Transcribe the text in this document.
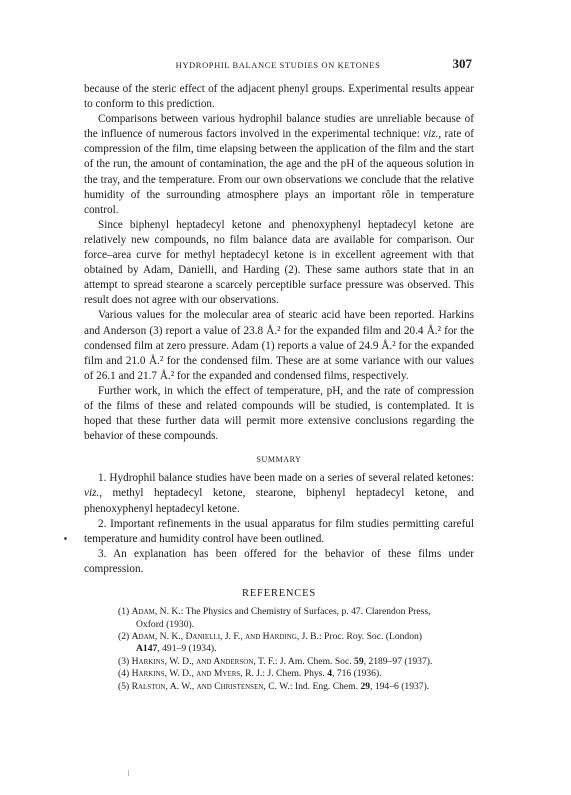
HYDROPHIL BALANCE STUDIES ON KETONES	307

because of the steric effect of the adjacent phenyl groups. Experimental results appear to conform to this prediction.

Comparisons between various hydrophil balance studies are unreliable because of the influence of numerous factors involved in the experimental technique: viz., rate of compression of the film, time elapsing between the application of the film and the start of the run, the amount of contamination, the age and the pH of the aqueous solution in the tray, and the temperature. From our own observations we conclude that the relative humidity of the surrounding atmosphere plays an important rôle in temperature control.

Since biphenyl heptadecyl ketone and phenoxyphenyl heptadecyl ketone are relatively new compounds, no film balance data are available for comparison. Our force–area curve for methyl heptadecyl ketone is in excellent agreement with that obtained by Adam, Danielli, and Harding (2). These same authors state that in an attempt to spread stearone a scarcely perceptible surface pressure was observed. This result does not agree with our observations.

Various values for the molecular area of stearic acid have been reported. Harkins and Anderson (3) report a value of 23.8 Å.² for the expanded film and 20.4 Å.² for the condensed film at zero pressure. Adam (1) reports a value of 24.9 Å.² for the expanded film and 21.0 Å.² for the condensed film. These are at some variance with our values of 26.1 and 21.7 Å.² for the expanded and condensed films, respectively.

Further work, in which the effect of temperature, pH, and the rate of compression of the films of these and related compounds will be studied, is contemplated. It is hoped that these further data will permit more extensive conclusions regarding the behavior of these compounds.

SUMMARY

1. Hydrophil balance studies have been made on a series of several related ketones: viz., methyl heptadecyl ketone, stearone, biphenyl heptadecyl ketone, and phenoxyphenyl heptadecyl ketone.

2. Important refinements in the usual apparatus for film studies permitting careful temperature and humidity control have been outlined.

3. An explanation has been offered for the behavior of these films under compression.

REFERENCES

(1) Adam, N. K.: The Physics and Chemistry of Surfaces, p. 47. Clarendon Press,
Oxford (1930).

(2) Adam, N. K., Danielli, J. F., and Harding, J. B.: Proc. Roy. Soc. (London)
A147, 491–9 (1934).

(3) Harkins, W. D., and Anderson, T. F.: J. Am. Chem. Soc. 59, 2189–97 (1937).

(4) Harkins, W. D., and Myers, R. J.: J. Chem. Phys. 4, 716 (1936).

(5) Ralston, A. W., and Christensen, C. W.: Ind. Eng. Chem. 29, 194–6 (1937).
